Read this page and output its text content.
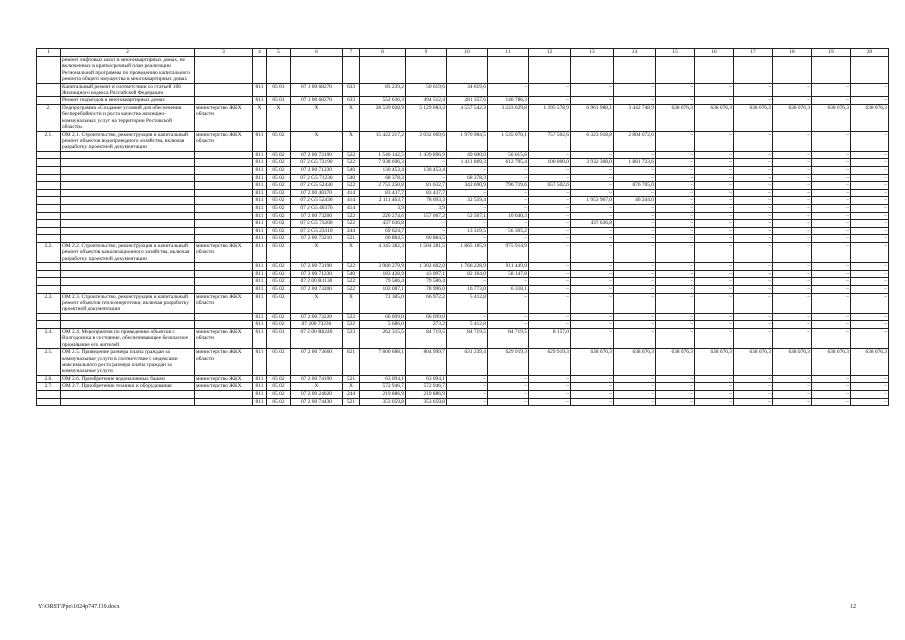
1	2	3	4	5	6	7	8	9	10	11	12	13	14	15	16	17	18	19	20
	ремонт лифтовых шахт в многоквартирных домах, не включенных в краткосрочный план реализации Региональной программы по проведению капитального ремонта общего имущества в многоквартирных домах																		
	Капитальный ремонт в соответствии со статьей 166 Жилищного кодекса Российской Федерации		811	05 01	07 1 00 68270	633	85 239,2	50 619,6	34 619,6	–	–	–	–	–	–	–	–	–	–
	Ремонт подъездов в многоквартирных домах		811	05 01	07 1 00 68270	633	552 636,3	494 512,4	281 357,6	146 786,3	–	–	–	–	–	–	–	–	–
2.	Подпрограмма «Создание условий для обеспечения бесперебойности и роста качества жилищно-коммунальных услуг на территории Ростовской области»	министерство ЖКХ области	X	X	X	X	28 539 028,9	5 129 083,3	4 557 542,3	3 223 629,8	1 395 578,9	6 961 988,1	3 442 748,9	638 076,3	638 076,3	638 076,3	638 076,3	638 076,3	638 076,3
2.1.	ОМ 2.1. Строительство, реконструкция и капитальный ремонт объектов водопроводного хозяйства, включая разработку проектной документации	министерство ЖКХ области	811	05 02	X	X	15 422 217,2	2 032 069,6	1 970 984,5	1 535 076,1	757 502,6	6 323 918,8	2 804 672,6	–	–	–	–	–	–
			811	05 02	07 2 00 73190	522	1 546 142,5	1 439 896,9	49 600,0	56 615,6	–	–	–	–	–	–	–	–	–
			811	05 02	07 2 G5 73190	522	7 938 696,3	–	1 411 869,3	612 795,4	100 000,0	3 932 308,0	1 881 723,6	–	–	–	–	–	–
			811	05 02	07 2 00 71230	540	130 453,4	130 453,4	–	–	–	–	–	–	–	–	–	–	–
			811	05 02	07 2 G5 71230	540	68 378,3	–	68 378,3	–	–	–	–	–	–	–	–	–	–
			811	05 02	07 2 G5 52430	522	2 755 250,8	81 632,7	342 690,9	796 719,6	657 502,6	–	876 705,0	–	–	–	–	–	–
			811	05 02	07 2 00 40370	414	83 437,7	83 437,7	–	–	–	–	–	–	–	–	–	–	–
			811	05 02	07 2 G5 52430	414	2 111 463,7	78 693,3	32 559,4	–	–	1 953 967,0	46 244,0	–	–	–	–	–	–
			811	05 02	07 2 G5 40370	414	3,9	3,9	–	–	–	–	–	–	–	–	–	–	–
			811	05 02	07 2 00 73200	522	220 274,6	157 067,2	52 567,1	10 640,3	–	–	–	–	–	–	–	–	–
			811	05 02	07 2 G5 73200	522	437 636,8	–	–	–	–	437 636,8	–	–	–	–	–	–	–
			811	05 02	07 2 G5 23310	244	69 624,7	–	13 319,5	56 305,2	–	–	–	–	–	–	–	–	–
			811	05 02	07 2 00 73210	521	60 884,5	60 884,5	–	–	–	–	–	–	–	–	–	–	–
2.2.	ОМ 2.2. Строительство, реконструкция и капитальный ремонт объектов канализационного хозяйства, включая разработку проектной документации	министерство ЖКХ области	811	05 02	X	X	4 345 382,3	1 504 281,5	1 865 185,9	975 914,9	–	–	–	–	–	–	–	–	–
			811	05 02	07 2 00 73190	522	3 980 279,9	1 302 602,0	1 766 228,9	911 449,0	–	–	–	–	–	–	–	–	–
			811	05 02	07 2 00 71230	540	183 428,9	43 097,1	82 184,0	58 147,8	–	–	–	–	–	–	–	–	–
			811	05 02	07 2 00 R1130	522	79 586,4	79 586,4	–	–	–	–	–	–	–	–	–	–	–
			811	05 02	07 2 00 73200	522	102 087,1	78 996,0	16 773,0	6 318,1	–	–	–	–	–	–	–	–	–
2.3.	ОМ 2.3. Строительство, реконструкция и капитальный ремонт объектов теплоэнергетики, включая разработку проектной документации	министерство ЖКХ области	811	05 02	X	X	72 385,0	66 972,2	5 412,8	–	–	–	–	–	–	–	–	–	–
			811	05 02	07 2 00 73220	522	66 699,0	66 699,0	–	–	–	–	–	–	–	–	–	–	–
			811	05 02	07 200 73230	522	5 686,0	273,2	5 412,8	–	–	–	–	–	–	–	–	–	–
2.4.	ОМ 2.4. Мероприятия по приведению объектов г. Волгодонска в состояние, обеспечивающее безопасное проживание его жителей	министерство ЖКХ области	811	05 01	07 2 00 R0240	523	262 315,5	84 719,5	84 719,5	84 719,5	8 157,0	–	–	–	–	–	–	–	–
2.5.	ОМ 2.5. Приведение размера платы граждан за коммунальные услуги в соответствие с индексами максимального роста размера платы граждан за коммунальные услуги	министерство ЖКХ области	811	05 02	07 2 00 73660	821	7 800 688,1	804 999,7	631 239,4	629 919,3	629 919,3	638 076,3	638 076,3	638 076,3	638 076,3	638 076,3	638 076,3	638 076,3	638 076,3
2.6.	ОМ 2.6. Приобретение водоналивных башен	министерство ЖКХ	811	05 02	07 2 00 74190	521	63 094,1	63 094,1	–	–	–	–	–	–	–	–	–	–	–
2.7.	ОМ 2.7. Приобретение техники и оборудования	министерство ЖКХ	811	05 02	X	X	572 946,7	572 946,7	–	–	–	–	–	–	–	–	–	–	–
			811	05 02	07 2 00 24020	244	219 886,9	219 886,9	–	–	–	–	–	–	–	–	–	–	–
			811	05 02	07 2 00 74430	521	353 059,8	353 059,8	–	–	–	–	–	–	–	–	–	–	–
Y:\ORST\Ppo\1024p747.f19.docx	12
